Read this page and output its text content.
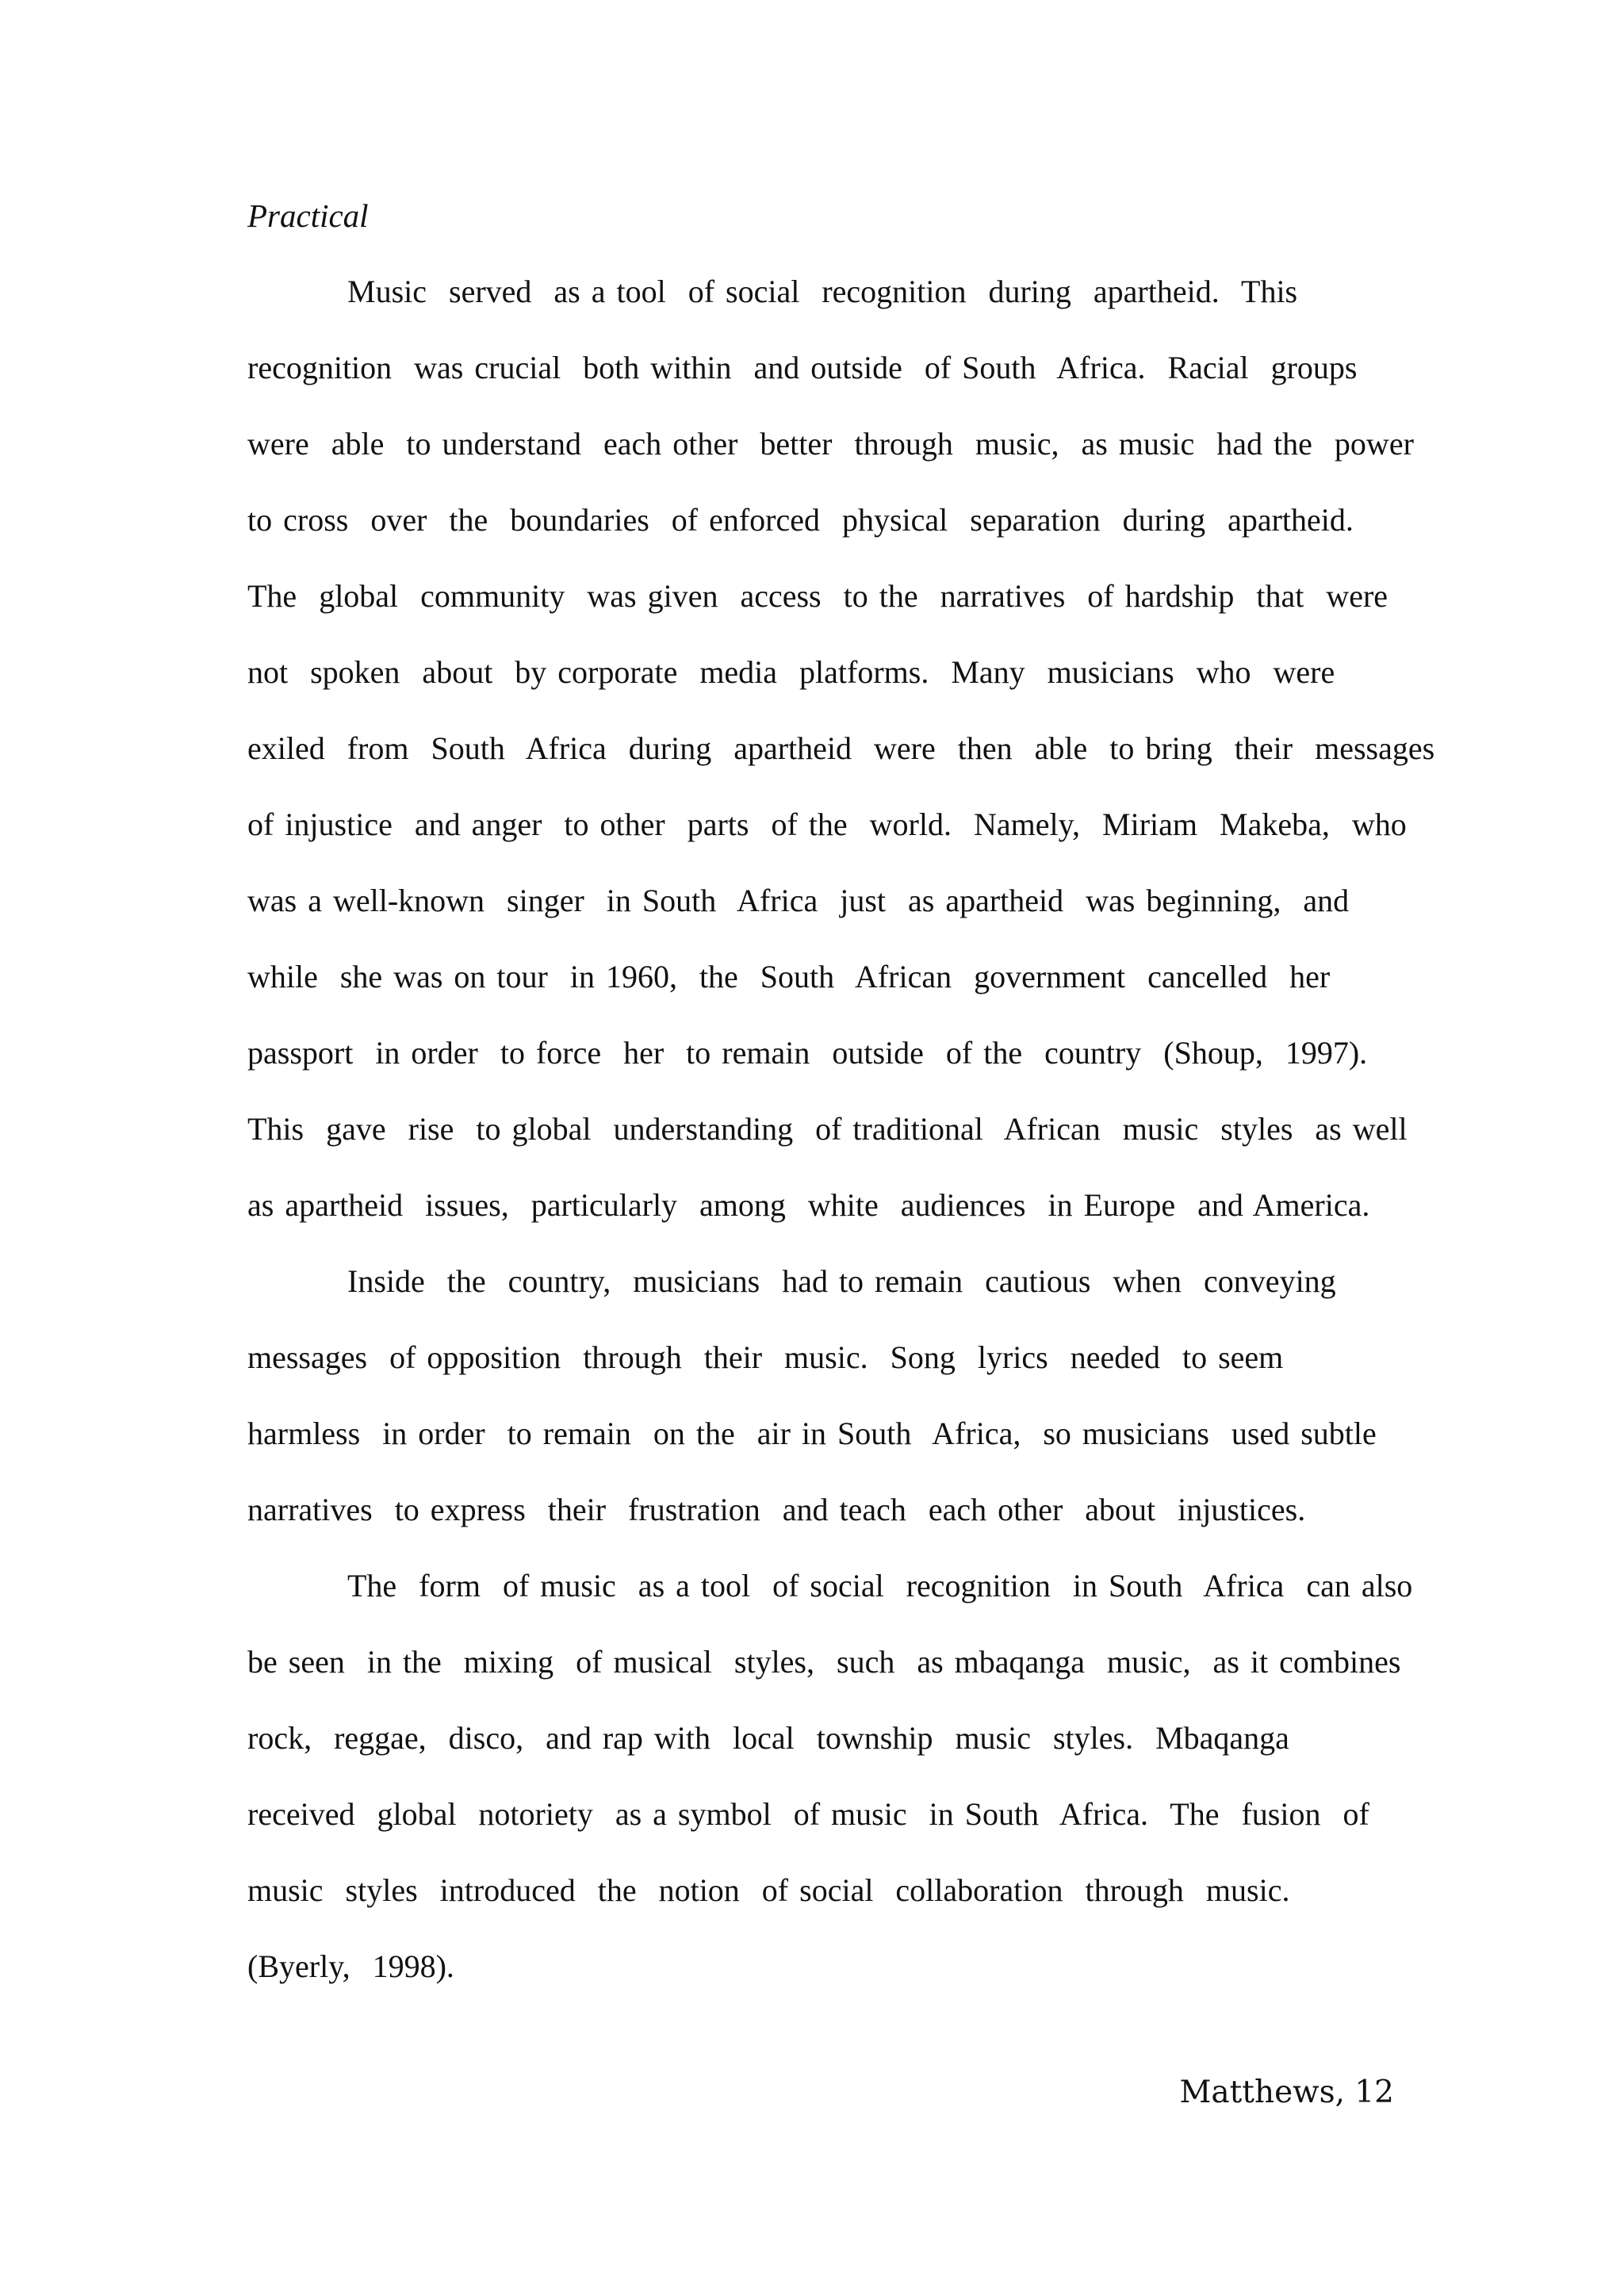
Practical

Music  served  as a tool  of social  recognition  during  apartheid.  This

recognition  was crucial  both within  and outside  of South  Africa.  Racial  groups

were  able  to understand  each other  better  through  music,  as music  had the  power

to cross  over  the  boundaries  of enforced  physical  separation  during  apartheid.

The  global  community  was given  access  to the  narratives  of hardship  that  were

not  spoken  about  by corporate  media  platforms.  Many  musicians  who  were

exiled  from  South  Africa  during  apartheid  were  then  able  to bring  their  messages

of injustice  and anger  to other  parts  of the  world.  Namely,  Miriam  Makeba,  who

was a well-known  singer  in South  Africa  just  as apartheid  was beginning,  and

while  she was on tour  in 1960,  the  South  African  government  cancelled  her

passport  in order  to force  her  to remain  outside  of the  country  (Shoup,  1997).

This  gave  rise  to global  understanding  of traditional  African  music  styles  as well

as apartheid  issues,  particularly  among  white  audiences  in Europe  and America.

Inside  the  country,  musicians  had to remain  cautious  when  conveying

messages  of opposition  through  their  music.  Song  lyrics  needed  to seem

harmless  in order  to remain  on the  air in South  Africa,  so musicians  used subtle

narratives  to express  their  frustration  and teach  each other  about  injustices.

The  form  of music  as a tool  of social  recognition  in South  Africa  can also

be seen  in the  mixing  of musical  styles,  such  as mbaqanga  music,  as it combines

rock,  reggae,  disco,  and rap with  local  township  music  styles.  Mbaqanga

received  global  notoriety  as a symbol  of music  in South  Africa.  The  fusion  of

music  styles  introduced  the  notion  of social  collaboration  through  music.

(Byerly,  1998).

Matthews, 12
